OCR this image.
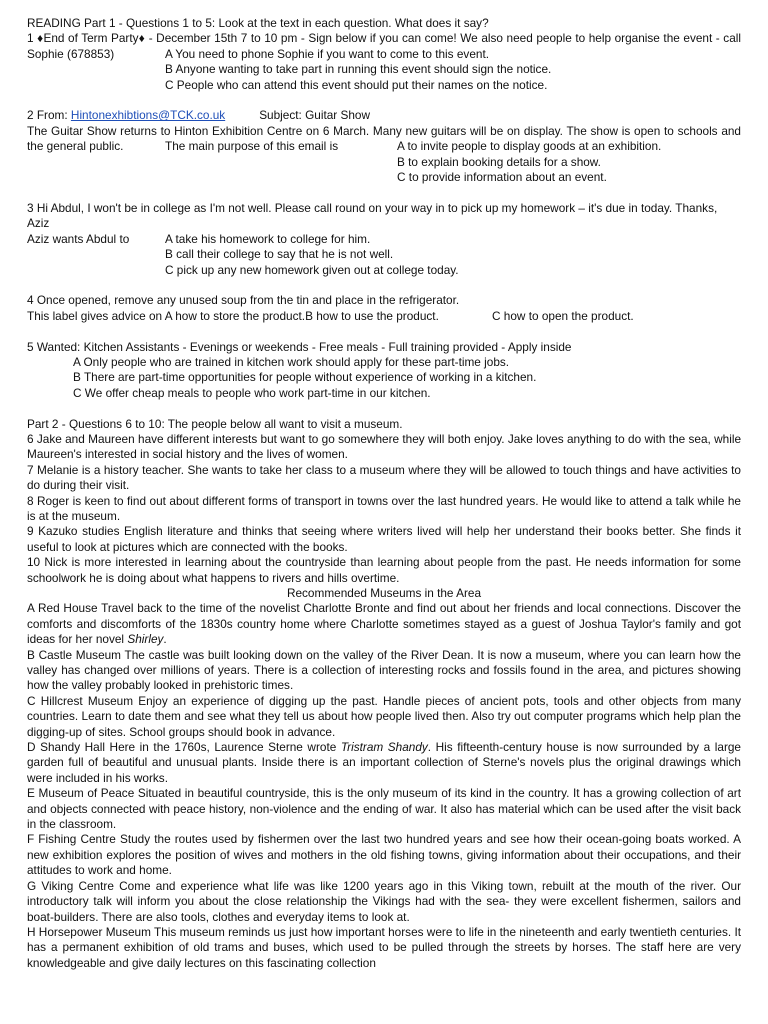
READING Part 1 - Questions 1 to 5: Look at the text in each question. What does it say?

1 ♦End of Term Party♦ - December 15th 7 to 10 pm - Sign below if you can come! We also need people to help organise the event - call Sophie (678853)	A You need to phone Sophie if you want to come to this event.
B Anyone wanting to take part in running this event should sign the notice.
C People who can attend this event should put their names on the notice.

2 From: Hintonexhibtions@TCK.co.uk	Subject: Guitar Show

The Guitar Show returns to Hinton Exhibition Centre on 6 March. Many new guitars will be on display. The show is open to schools and the general public.	The main purpose of this email is	A to invite people to display goods at an exhibition.
B to explain booking details for a show.
C to provide information about an event.

3 Hi Abdul, I won't be in college as I'm not well. Please call round on your way in to pick up my homework – it's due in today. Thanks, Aziz

Aziz wants Abdul to	A take his homework to college for him.
B call their college to say that he is not well.
C pick up any new homework given out at college today.

4 Once opened, remove any unused soup from the tin and place in the refrigerator.

This label gives advice on A how to store the product.B how to use the product.	C how to open the product.

5 Wanted: Kitchen Assistants - Evenings or weekends - Free meals - Full training provided - Apply inside

A Only people who are trained in kitchen work should apply for these part-time jobs.
B There are part-time opportunities for people without experience of working in a kitchen.
C We offer cheap meals to people who work part-time in our kitchen.

Part 2 - Questions 6 to 10: The people below all want to visit a museum.

6 Jake and Maureen have different interests but want to go somewhere they will both enjoy. Jake loves anything to do with the sea, while Maureen's interested in social history and the lives of women.

7 Melanie is a history teacher. She wants to take her class to a museum where they will be allowed to touch things and have activities to do during their visit.

8 Roger is keen to find out about different forms of transport in towns over the last hundred years. He would like to attend a talk while he is at the museum.

9 Kazuko studies English literature and thinks that seeing where writers lived will help her understand their books better. She finds it useful to look at pictures which are connected with the books.

10 Nick is more interested in learning about the countryside than learning about people from the past. He needs information for some schoolwork he is doing about what happens to rivers and hills overtime.

Recommended Museums in the Area

A Red House Travel back to the time of the novelist Charlotte Bronte and find out about her friends and local connections. Discover the comforts and discomforts of the 1830s country home where Charlotte sometimes stayed as a guest of Joshua Taylor's family and got ideas for her novel Shirley.

B Castle Museum The castle was built looking down on the valley of the River Dean. It is now a museum, where you can learn how the valley has changed over millions of years. There is a collection of interesting rocks and fossils found in the area, and pictures showing how the valley probably looked in prehistoric times.

C Hillcrest Museum Enjoy an experience of digging up the past. Handle pieces of ancient pots, tools and other objects from many countries. Learn to date them and see what they tell us about how people lived then. Also try out computer programs which help plan the digging-up of sites. School groups should book in advance.

D Shandy Hall Here in the 1760s, Laurence Sterne wrote Tristram Shandy. His fifteenth-century house is now surrounded by a large garden full of beautiful and unusual plants. Inside there is an important collection of Sterne's novels plus the original drawings which were included in his works.

E Museum of Peace Situated in beautiful countryside, this is the only museum of its kind in the country. It has a growing collection of art and objects connected with peace history, non-violence and the ending of war. It also has material which can be used after the visit back in the classroom.

F Fishing Centre Study the routes used by fishermen over the last two hundred years and see how their ocean-going boats worked. A new exhibition explores the position of wives and mothers in the old fishing towns, giving information about their occupations, and their attitudes to work and home.

G Viking Centre Come and experience what life was like 1200 years ago in this Viking town, rebuilt at the mouth of the river. Our introductory talk will inform you about the close relationship the Vikings had with the sea- they were excellent fishermen, sailors and boat-builders. There are also tools, clothes and everyday items to look at.

H Horsepower Museum This museum reminds us just how important horses were to life in the nineteenth and early twentieth centuries. It has a permanent exhibition of old trams and buses, which used to be pulled through the streets by horses. The staff here are very knowledgeable and give daily lectures on this fascinating collection
